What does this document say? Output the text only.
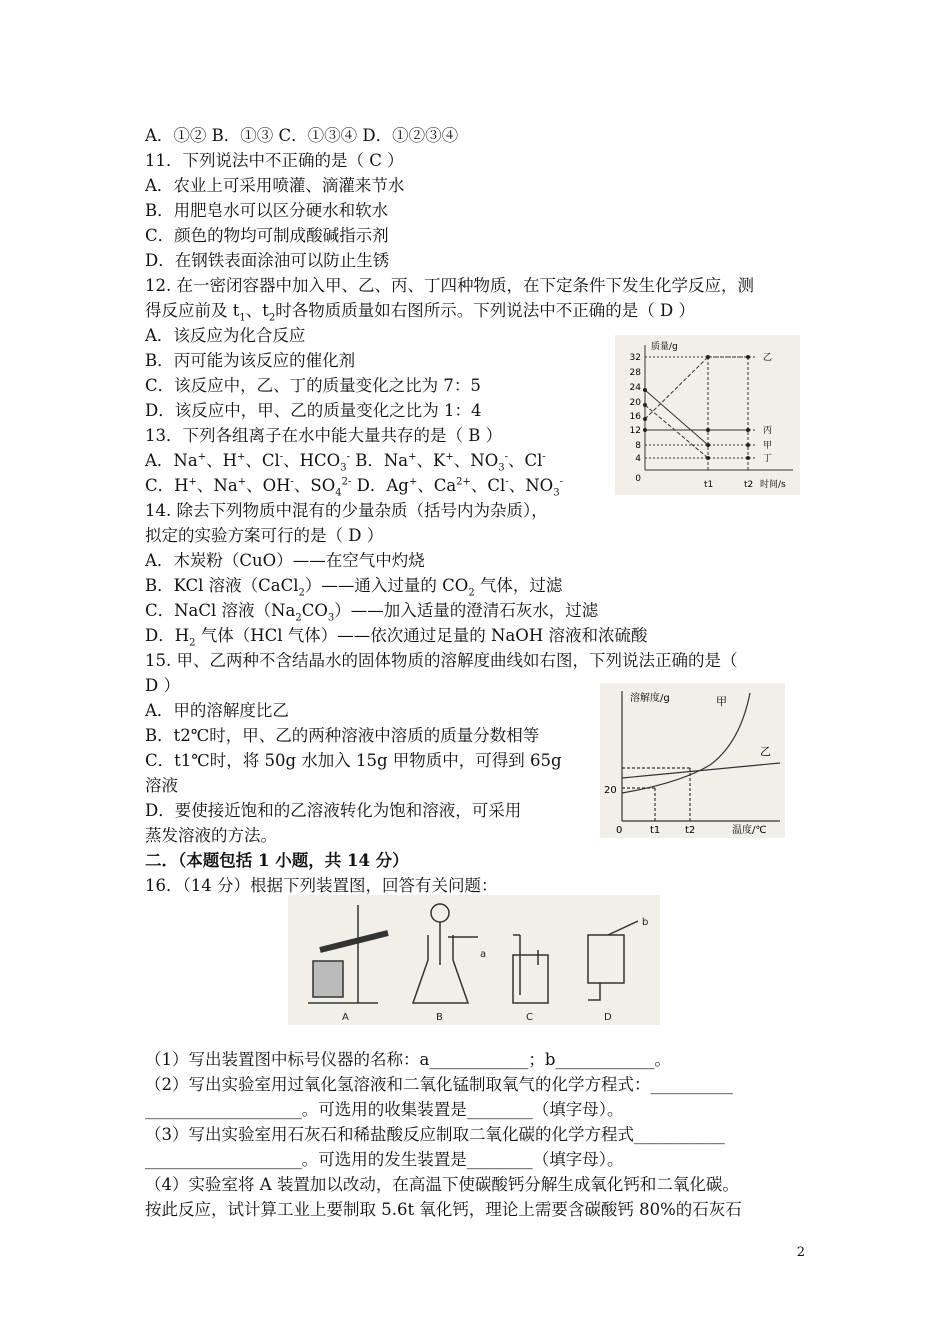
A．①② B．①③ C．①③④ D．①②③④
11．下列说法中不正确的是（ C ）
A．农业上可采用喷灌、滴灌来节水
B．用肥皂水可以区分硬水和软水
C．颜色的物均可制成酸碱指示剂
D．在钢铁表面涂油可以防止生锈
12. 在一密闭容器中加入甲、乙、丙、丁四种物质，在下定条件下发生化学反应，测
得反应前及 $t_1$、$t_2$时各物质质量如右图所示。下列说法中不正确的是（ D ）
A．该反应为化合反应
B．丙可能为该反应的催化剂
C．该反应中，乙、丁的质量变化之比为 7：5
D．该反应中，甲、乙的质量变化之比为 1：4
13．下列各组离子在水中能大量共存的是（ B ）
A．Na+、H+、Cl-、$HCO_3^-$ B．Na+、K+、$NO_3^-$、Cl-
C．H+、Na+、OH-、$SO_4^{2-}$ D．Ag+、$Ca^{2+}$、Cl-、$NO_3^-$
14. 除去下列物质中混有的少量杂质（括号内为杂质），
拟定的实验方案可行的是（ D ）
A．木炭粉（CuO）——在空气中灼烧
B．KCl 溶液（CaCl$_2$）——通入过量的 $CO_2$ 气体，过滤
C．NaCl 溶液$(Na_2CO_3)——$加入适量的澄清石灰水，过滤
D．$H_2$ 气体（HCl 气体）——依次通过足量的 NaOH 溶液和浓硫酸
15. 甲、乙两种不含结晶水的固体物质的溶解度曲线如右图，下列说法正确的是（
D ）
A．甲的溶解度比乙
B．t2℃时，甲、乙的两种溶液中溶质的质量分数相等
C．t1℃时，将 50g 水加入 15g 甲物质中，可得到 65g
溶液
D．要使接近饱和的乙溶液转化为饱和溶液，可采用
蒸发溶液的方法。
二．（本题包括 1 小题，共 14 分）
16．（14 分）根据下列装置图，回答有关问题：
（1）写出装置图中标号仪器的名称：a____________；b____________。
（2）写出实验室用过氧化氢溶液和二氧化锰制取氧气的化学方程式：__________
___________________。可选用的收集装置是________（填字母）。
（3）写出实验室用石灰石和稀盐酸反应制取二氧化碳的化学方程式___________
___________________。可选用的发生装置是________（填字母）。
（4）实验室将 A 装置加以改动，在高温下使碳酸钙分解生成氧化钙和二氧化碳。
按此反应，试计算工业上要制取 5.6t 氧化钙，理论上需要含碳酸钙 80%的石灰石
质量/g
32
28
24
20
16
12
8
4
0
t1	t2 时间/s
乙
丙
甲
丁
溶解度/g	甲
乙
20
0	t1 t2	温度/℃
A	B	C	D
a
b
2
